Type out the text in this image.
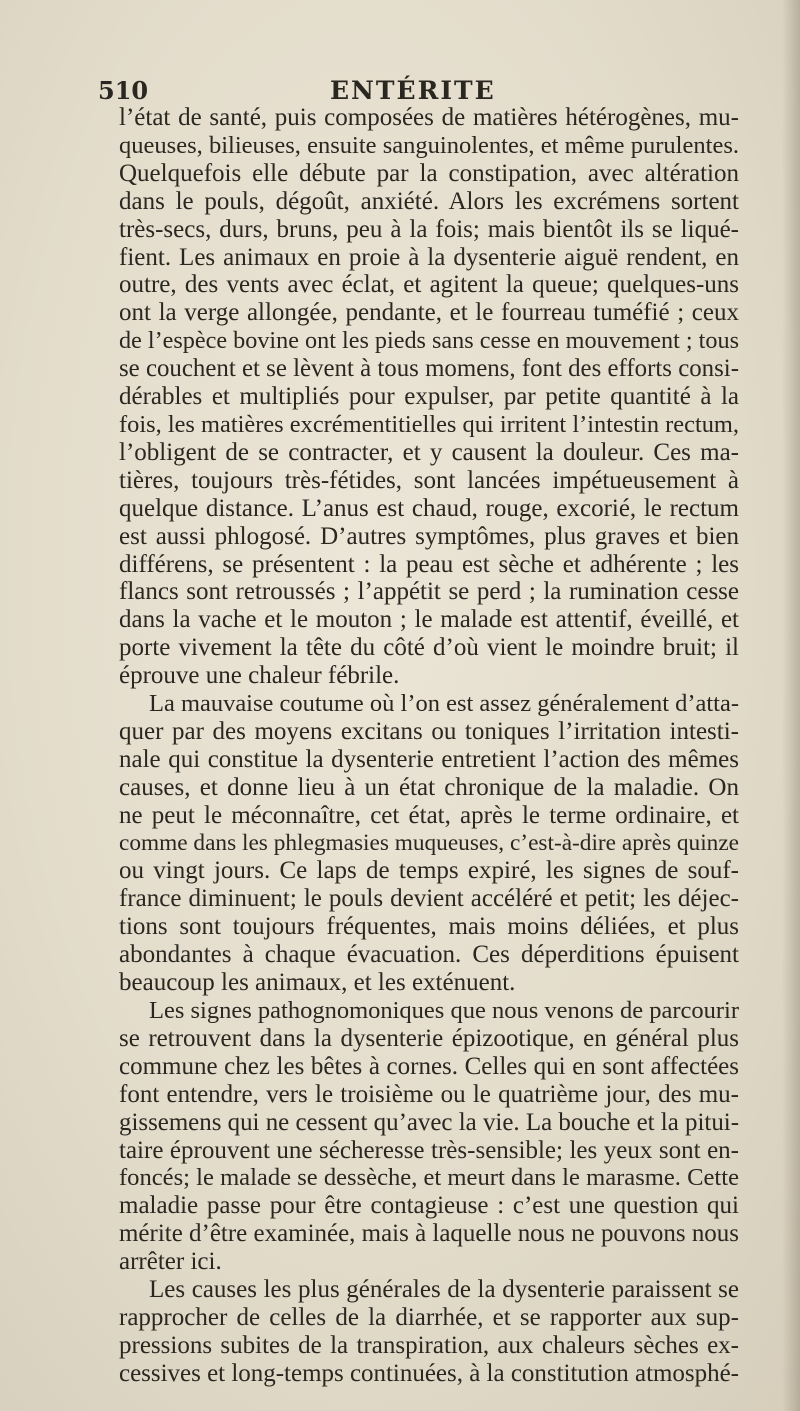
510	ENTÉRITE
l’état de santé, puis composées de matières hétérogènes, mu-
queuses, bilieuses, ensuite sanguinolentes, et même purulentes.
Quelquefois elle débute par la constipation, avec altération
dans le pouls, dégoût, anxiété. Alors les excrémens sortent
très-secs, durs, bruns, peu à la fois; mais bientôt ils se liqué-
fient. Les animaux en proie à la dysenterie aiguë rendent, en
outre, des vents avec éclat, et agitent la queue; quelques-uns
ont la verge allongée, pendante, et le fourreau tuméfié ; ceux
de l’espèce bovine ont les pieds sans cesse en mouvement ; tous
se couchent et se lèvent à tous momens, font des efforts consi-
dérables et multipliés pour expulser, par petite quantité à la
fois, les matières excrémentitielles qui irritent l’intestin rectum,
l’obligent de se contracter, et y causent la douleur. Ces ma-
tières, toujours très-fétides, sont lancées impétueusement à
quelque distance. L’anus est chaud, rouge, excorié, le rectum
est aussi phlogosé. D’autres symptômes, plus graves et bien
différens, se présentent : la peau est sèche et adhérente ; les
flancs sont retroussés ; l’appétit se perd ; la rumination cesse
dans la vache et le mouton ; le malade est attentif, éveillé, et
porte vivement la tête du côté d’où vient le moindre bruit; il
éprouve une chaleur fébrile.
La mauvaise coutume où l’on est assez généralement d’atta-
quer par des moyens excitans ou toniques l’irritation intesti-
nale qui constitue la dysenterie entretient l’action des mêmes
causes, et donne lieu à un état chronique de la maladie. On
ne peut le méconnaître, cet état, après le terme ordinaire, et
comme dans les phlegmasies muqueuses, c’est-à-dire après quinze
ou vingt jours. Ce laps de temps expiré, les signes de souf-
france diminuent; le pouls devient accéléré et petit; les déjec-
tions sont toujours fréquentes, mais moins déliées, et plus
abondantes à chaque évacuation. Ces déperditions épuisent
beaucoup les animaux, et les exténuent.
Les signes pathognomoniques que nous venons de parcourir
se retrouvent dans la dysenterie épizootique, en général plus
commune chez les bêtes à cornes. Celles qui en sont affectées
font entendre, vers le troisième ou le quatrième jour, des mu-
gissemens qui ne cessent qu’avec la vie. La bouche et la pitui-
taire éprouvent une sécheresse très-sensible; les yeux sont en-
foncés; le malade se dessèche, et meurt dans le marasme. Cette
maladie passe pour être contagieuse : c’est une question qui
mérite d’être examinée, mais à laquelle nous ne pouvons nous
arrêter ici.
Les causes les plus générales de la dysenterie paraissent se
rapprocher de celles de la diarrhée, et se rapporter aux sup-
pressions subites de la transpiration, aux chaleurs sèches ex-
cessives et long-temps continuées, à la constitution atmosphé-
